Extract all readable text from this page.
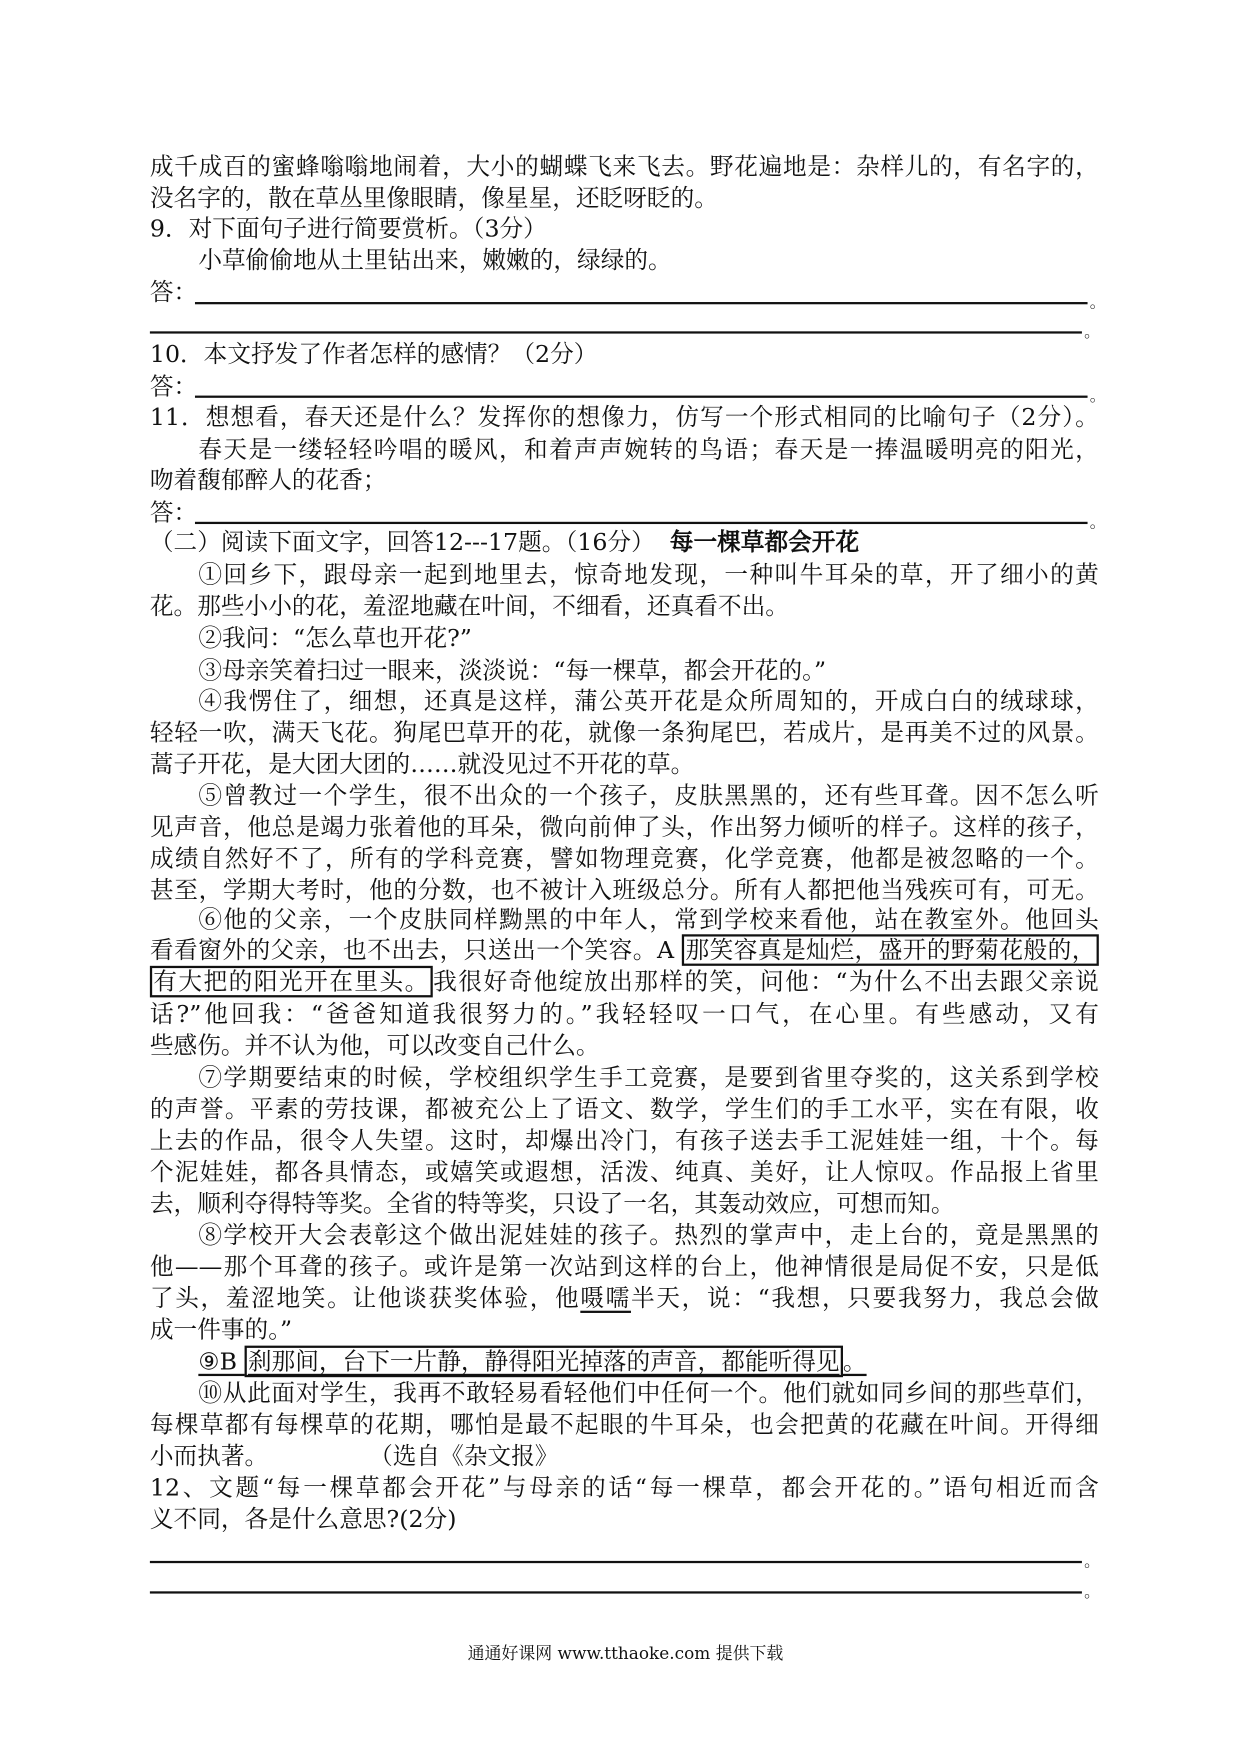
成千成百的蜜蜂嗡嗡地闹着，大小的蝴蝶飞来飞去。野花遍地是：杂样儿的，有名字的，
没名字的，散在草丛里像眼睛，像星星，还眨呀眨的。
9．对下面句子进行简要赏析。（3分）
小草偷偷地从土里钻出来，嫩嫩的，绿绿的。
答：	。
。
10．本文抒发了作者怎样的感情？（2分）
答：	。
11．想想看，春天还是什么？发挥你的想像力，仿写一个形式相同的比喻句子（2分）。
春天是一缕轻轻吟唱的暖风，和着声声婉转的鸟语；春天是一捧温暖明亮的阳光，
吻着馥郁醉人的花香；
答：	。
（二）阅读下面文字，回答12---17题。（16分） 每一棵草都会开花
①回乡下，跟母亲一起到地里去，惊奇地发现，一种叫牛耳朵的草，开了细小的黄
花。那些小小的花，羞涩地藏在叶间，不细看，还真看不出。
②我问：“怎么草也开花?”
③母亲笑着扫过一眼来，淡淡说：“每一棵草，都会开花的。”
④我愣住了，细想，还真是这样，蒲公英开花是众所周知的，开成白白的绒球球，
轻轻一吹，满天飞花。狗尾巴草开的花，就像一条狗尾巴，若成片，是再美不过的风景。
蒿子开花，是大团大团的……就没见过不开花的草。
⑤曾教过一个学生，很不出众的一个孩子，皮肤黑黑的，还有些耳聋。因不怎么听
见声音，他总是竭力张着他的耳朵，微向前伸了头，作出努力倾听的样子。这样的孩子，
成绩自然好不了，所有的学科竞赛，譬如物理竞赛，化学竞赛，他都是被忽略的一个。
甚至，学期大考时，他的分数，也不被计入班级总分。所有人都把他当残疾可有，可无。
⑥他的父亲，一个皮肤同样黝黑的中年人，常到学校来看他，站在教室外。他回头
看看窗外的父亲，也不出去，只送出一个笑容。A 那笑容真是灿烂，盛开的野菊花般的，
有大把的阳光开在里头。 我很好奇他绽放出那样的笑，问他：“为什么不出去跟父亲说
话?”他回我：“爸爸知道我很努力的。”我轻轻叹一口气，在心里。有些感动，又有
些感伤。并不认为他，可以改变自己什么。
⑦学期要结束的时候，学校组织学生手工竞赛，是要到省里夺奖的，这关系到学校
的声誉。平素的劳技课，都被充公上了语文、数学，学生们的手工水平，实在有限，收
上去的作品，很令人失望。这时，却爆出冷门，有孩子送去手工泥娃娃一组，十个。每
个泥娃娃，都各具情态，或嬉笑或遐想，活泼、纯真、美好，让人惊叹。作品报上省里
去，顺利夺得特等奖。全省的特等奖，只设了一名，其轰动效应，可想而知。
⑧学校开大会表彰这个做出泥娃娃的孩子。热烈的掌声中，走上台的，竟是黑黑的
他——那个耳聋的孩子。或许是第一次站到这样的台上，他神情很是局促不安，只是低
了头，羞涩地笑。让他谈获奖体验，他嗫嚅半天，说：“我想，只要我努力，我总会做
成一件事的。”
⑨B 刹那间，台下一片静，静得阳光掉落的声音，都能听得见 。
⑩从此面对学生，我再不敢轻易看轻他们中任何一个。他们就如同乡间的那些草们，
每棵草都有每棵草的花期，哪怕是最不起眼的牛耳朵，也会把黄的花藏在叶间。开得细
小而执著。	（选自《杂文报》
12、文题“每一棵草都会开花”与母亲的话“每一棵草，都会开花的。”语句相近而含
义不同，各是什么意思?(2分)
。
。
通通好课网 www.tthaoke.com 提供下载
